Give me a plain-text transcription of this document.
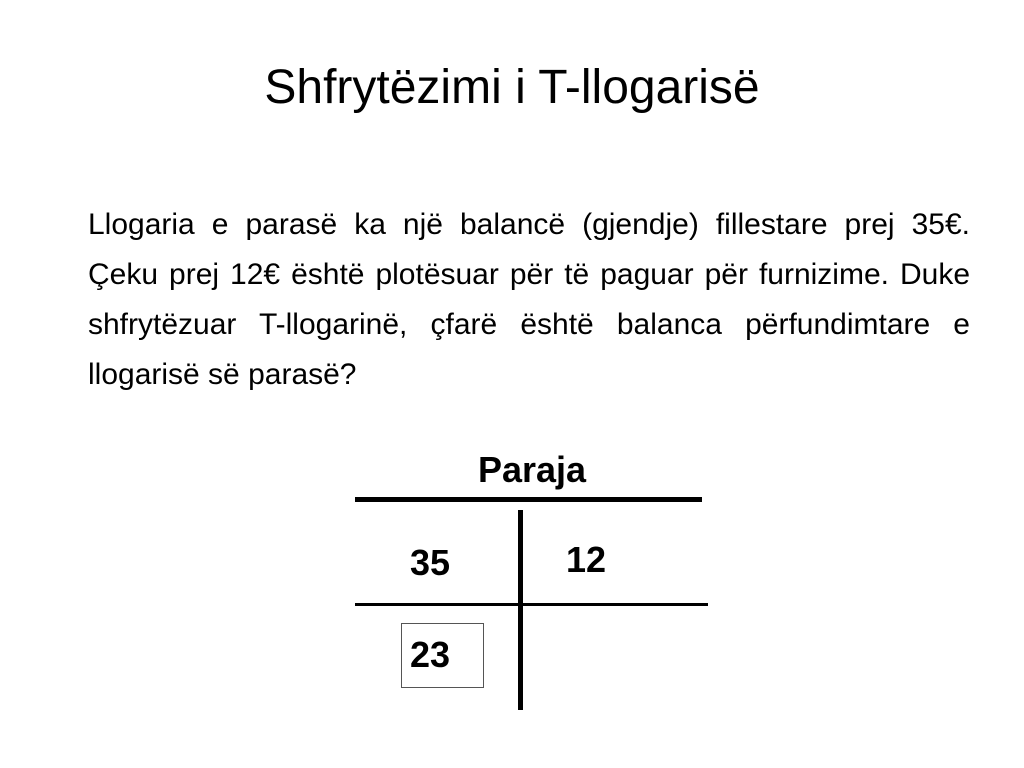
Shfrytëzimi i T-llogarisë

Llogaria e parasë ka një balancë (gjendje) fillestare prej 35€. Çeku prej 12€ është plotësuar për të paguar për furnizime. Duke shfrytëzuar T-llogarinë, çfarë është balanca përfundimtare e llogarisë së parasë?

Paraja
35	12
23
